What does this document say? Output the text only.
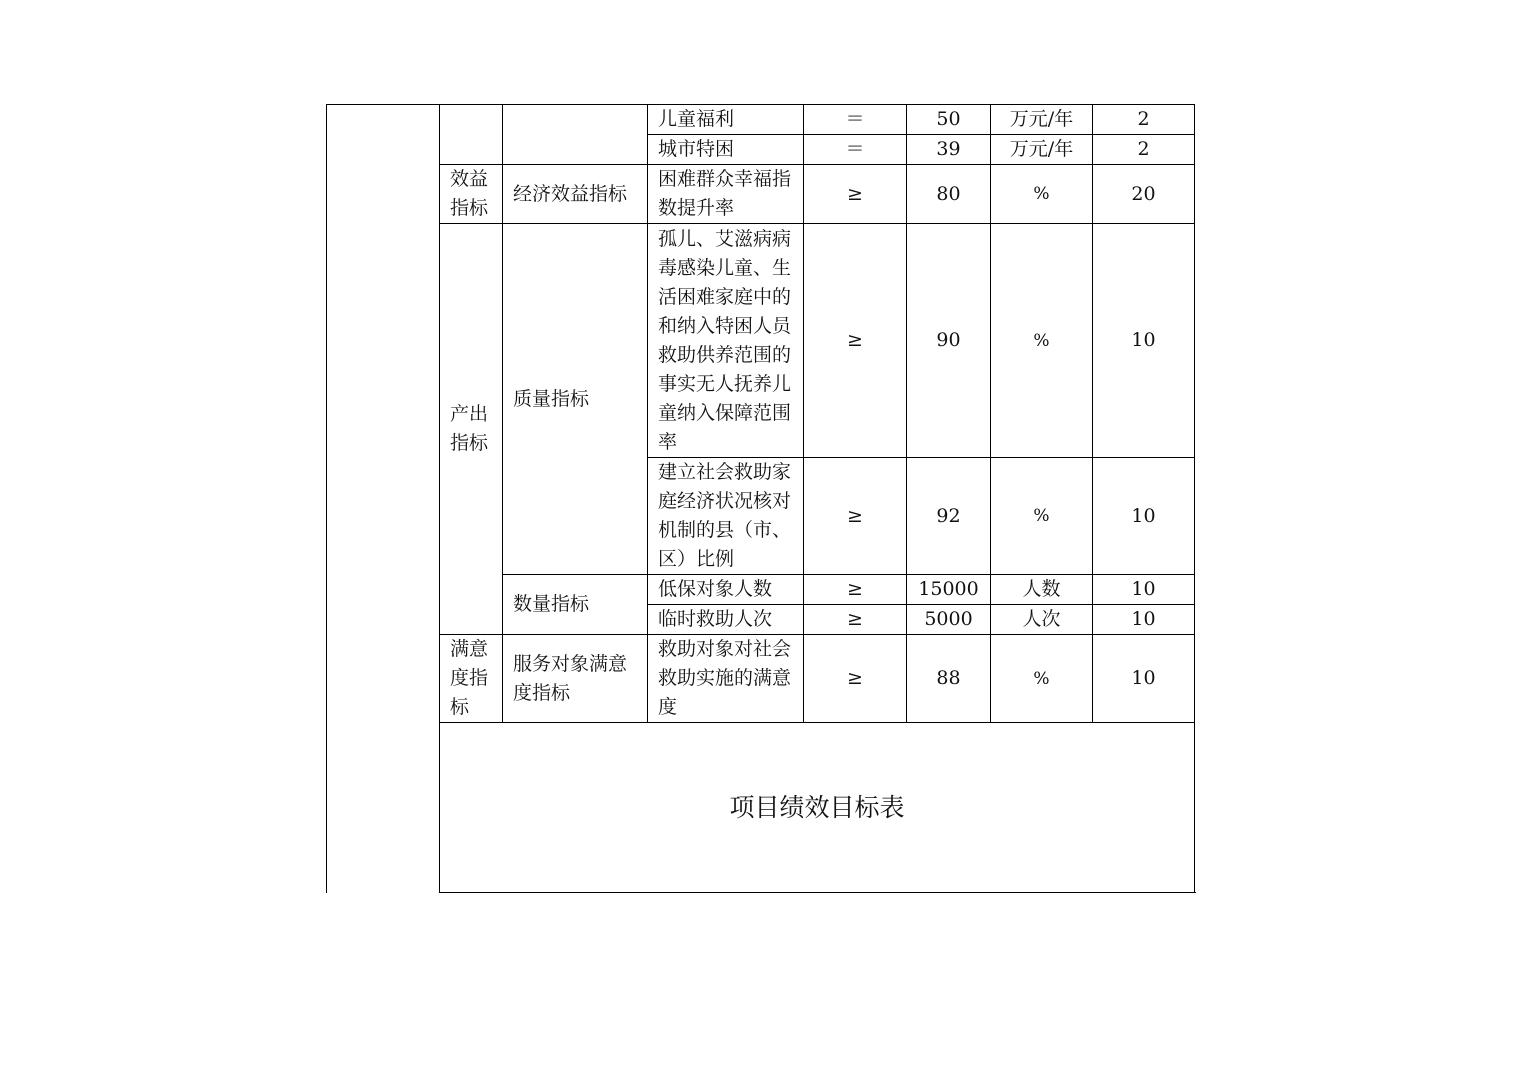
			儿童福利	＝	50	万元/年	2
			城市特困	＝	39	万元/年	2
	效益指标	经济效益指标	困难群众幸福指数提升率	≥	80	%	20
	产出指标	质量指标	孤儿、艾滋病病毒感染儿童、生活困难家庭中的和纳入特困人员救助供养范围的事实无人抚养儿童纳入保障范围率	≥	90	%	10
			建立社会救助家庭经济状况核对机制的县（市、区）比例	≥	92	%	10
		数量指标	低保对象人数	≥	15000	人数	10
			临时救助人次	≥	5000	人次	10
	满意度指标	服务对象满意度指标	救助对象对社会救助实施的满意度	≥	88	%	10
	项目绩效目标表						
